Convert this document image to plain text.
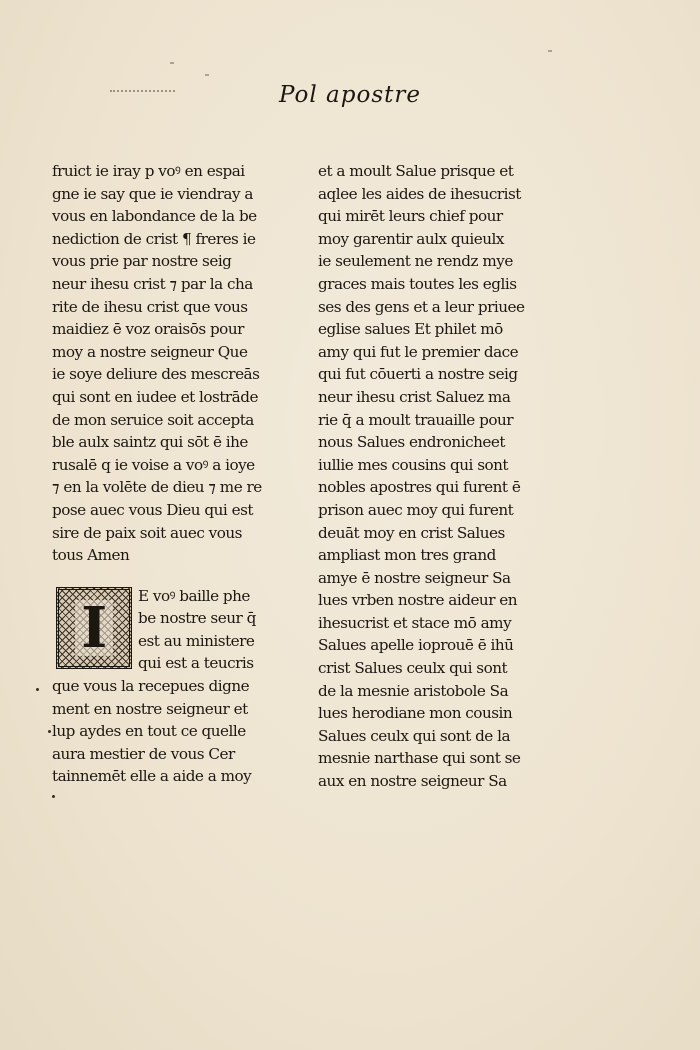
Pol apostre
fruict ie iray p voꝰ en espai
gne ie say que ie viendray a
vous en labondance de la be
nediction de crist ¶ freres ie
vous prie par nostre seig
neur ihesu crist ⁊ par la cha
rite de ihesu crist que vous
maidiez ē voz oraisōs pour
moy a nostre seigneur Que
ie soye deliure des mescreās
qui sont en iudee et lostrāde
de mon seruice soit accepta
ble aulx saintz qui sōt ē ihe
rusalē q ie voise a voꝰ a ioye
⁊ en la volēte de dieu ⁊ me re
pose auec vous Dieu qui est
sire de paix soit auec vous
tous Amen
I	E voꝰ baille phe
be nostre seur q̄
est au ministere
qui est a teucris
que vous la recepues digne
ment en nostre seigneur et
lup aydes en tout ce quelle
aura mestier de vous Cer
tainnemēt elle a aide a moy
et a moult Salue prisque et
aqlee les aides de ihesucrist
qui mirēt leurs chief pour
moy garentir aulx quieulx
ie seulement ne rendz mye
graces mais toutes les eglis
ses des gens et a leur priuee
eglise salues Et philet mō
amy qui fut le premier dace
qui fut cōuerti a nostre seig
neur ihesu crist Saluez ma
rie q̄ a moult trauaille pour
nous Salues endronicheet
iullie mes cousins qui sont
nobles apostres qui furent ē
prison auec moy qui furent
deuāt moy en crist Salues
ampliast mon tres grand
amye ē nostre seigneur Sa
lues vrben nostre aideur en
ihesucrist et stace mō amy
Salues apelle ioprouē ē ihū
crist Salues ceulx qui sont
de la mesnie aristobole Sa
lues herodiane mon cousin
Salues ceulx qui sont de la
mesnie narthase qui sont se
aux en nostre seigneur Sa
